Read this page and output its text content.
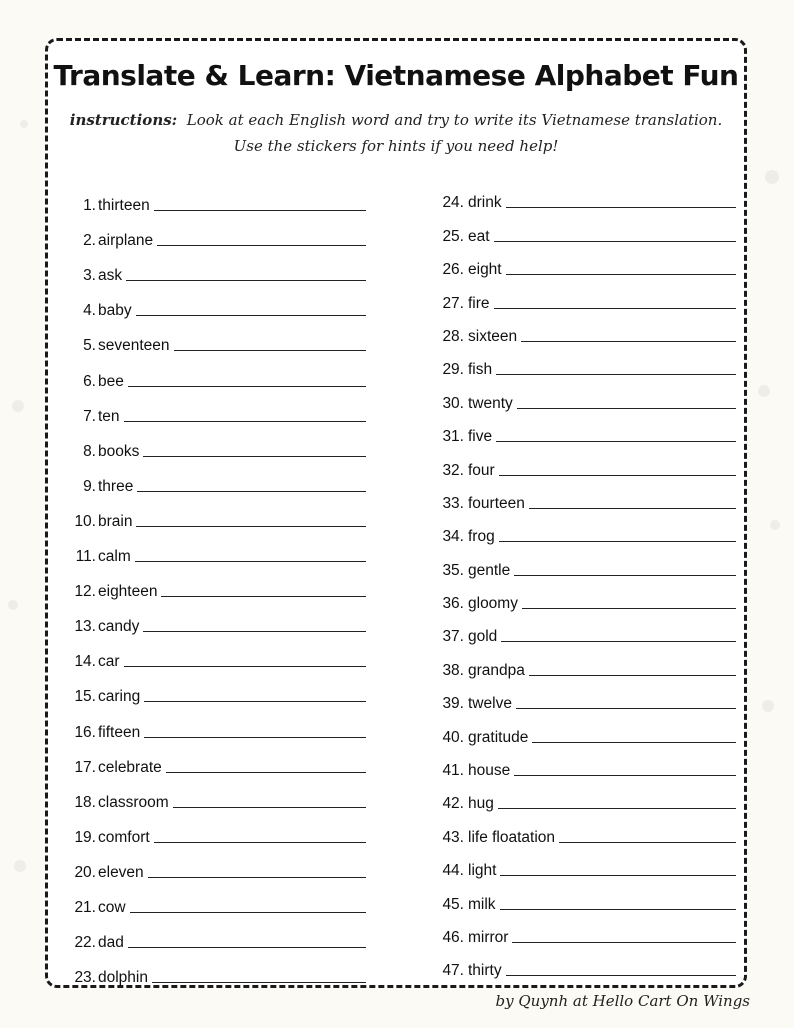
Translate & Learn: Vietnamese Alphabet Fun
instructions: Look at each English word and try to write its Vietnamese translation.
Use the stickers for hints if you need help!
1. thirteen
2. airplane
3. ask
4. baby
5. seventeen
6. bee
7. ten
8. books
9. three
10. brain
11. calm
12. eighteen
13. candy
14. car
15. caring
16. fifteen
17. celebrate
18. classroom
19. comfort
20. eleven
21. cow
22. dad
23. dolphin
24. drink
25. eat
26. eight
27. fire
28. sixteen
29. fish
30. twenty
31. five
32. four
33. fourteen
34. frog
35. gentle
36. gloomy
37. gold
38. grandpa
39. twelve
40. gratitude
41. house
42. hug
43. life floatation
44. light
45. milk
46. mirror
47. thirty
by Quynh at Hello Cart On Wings
